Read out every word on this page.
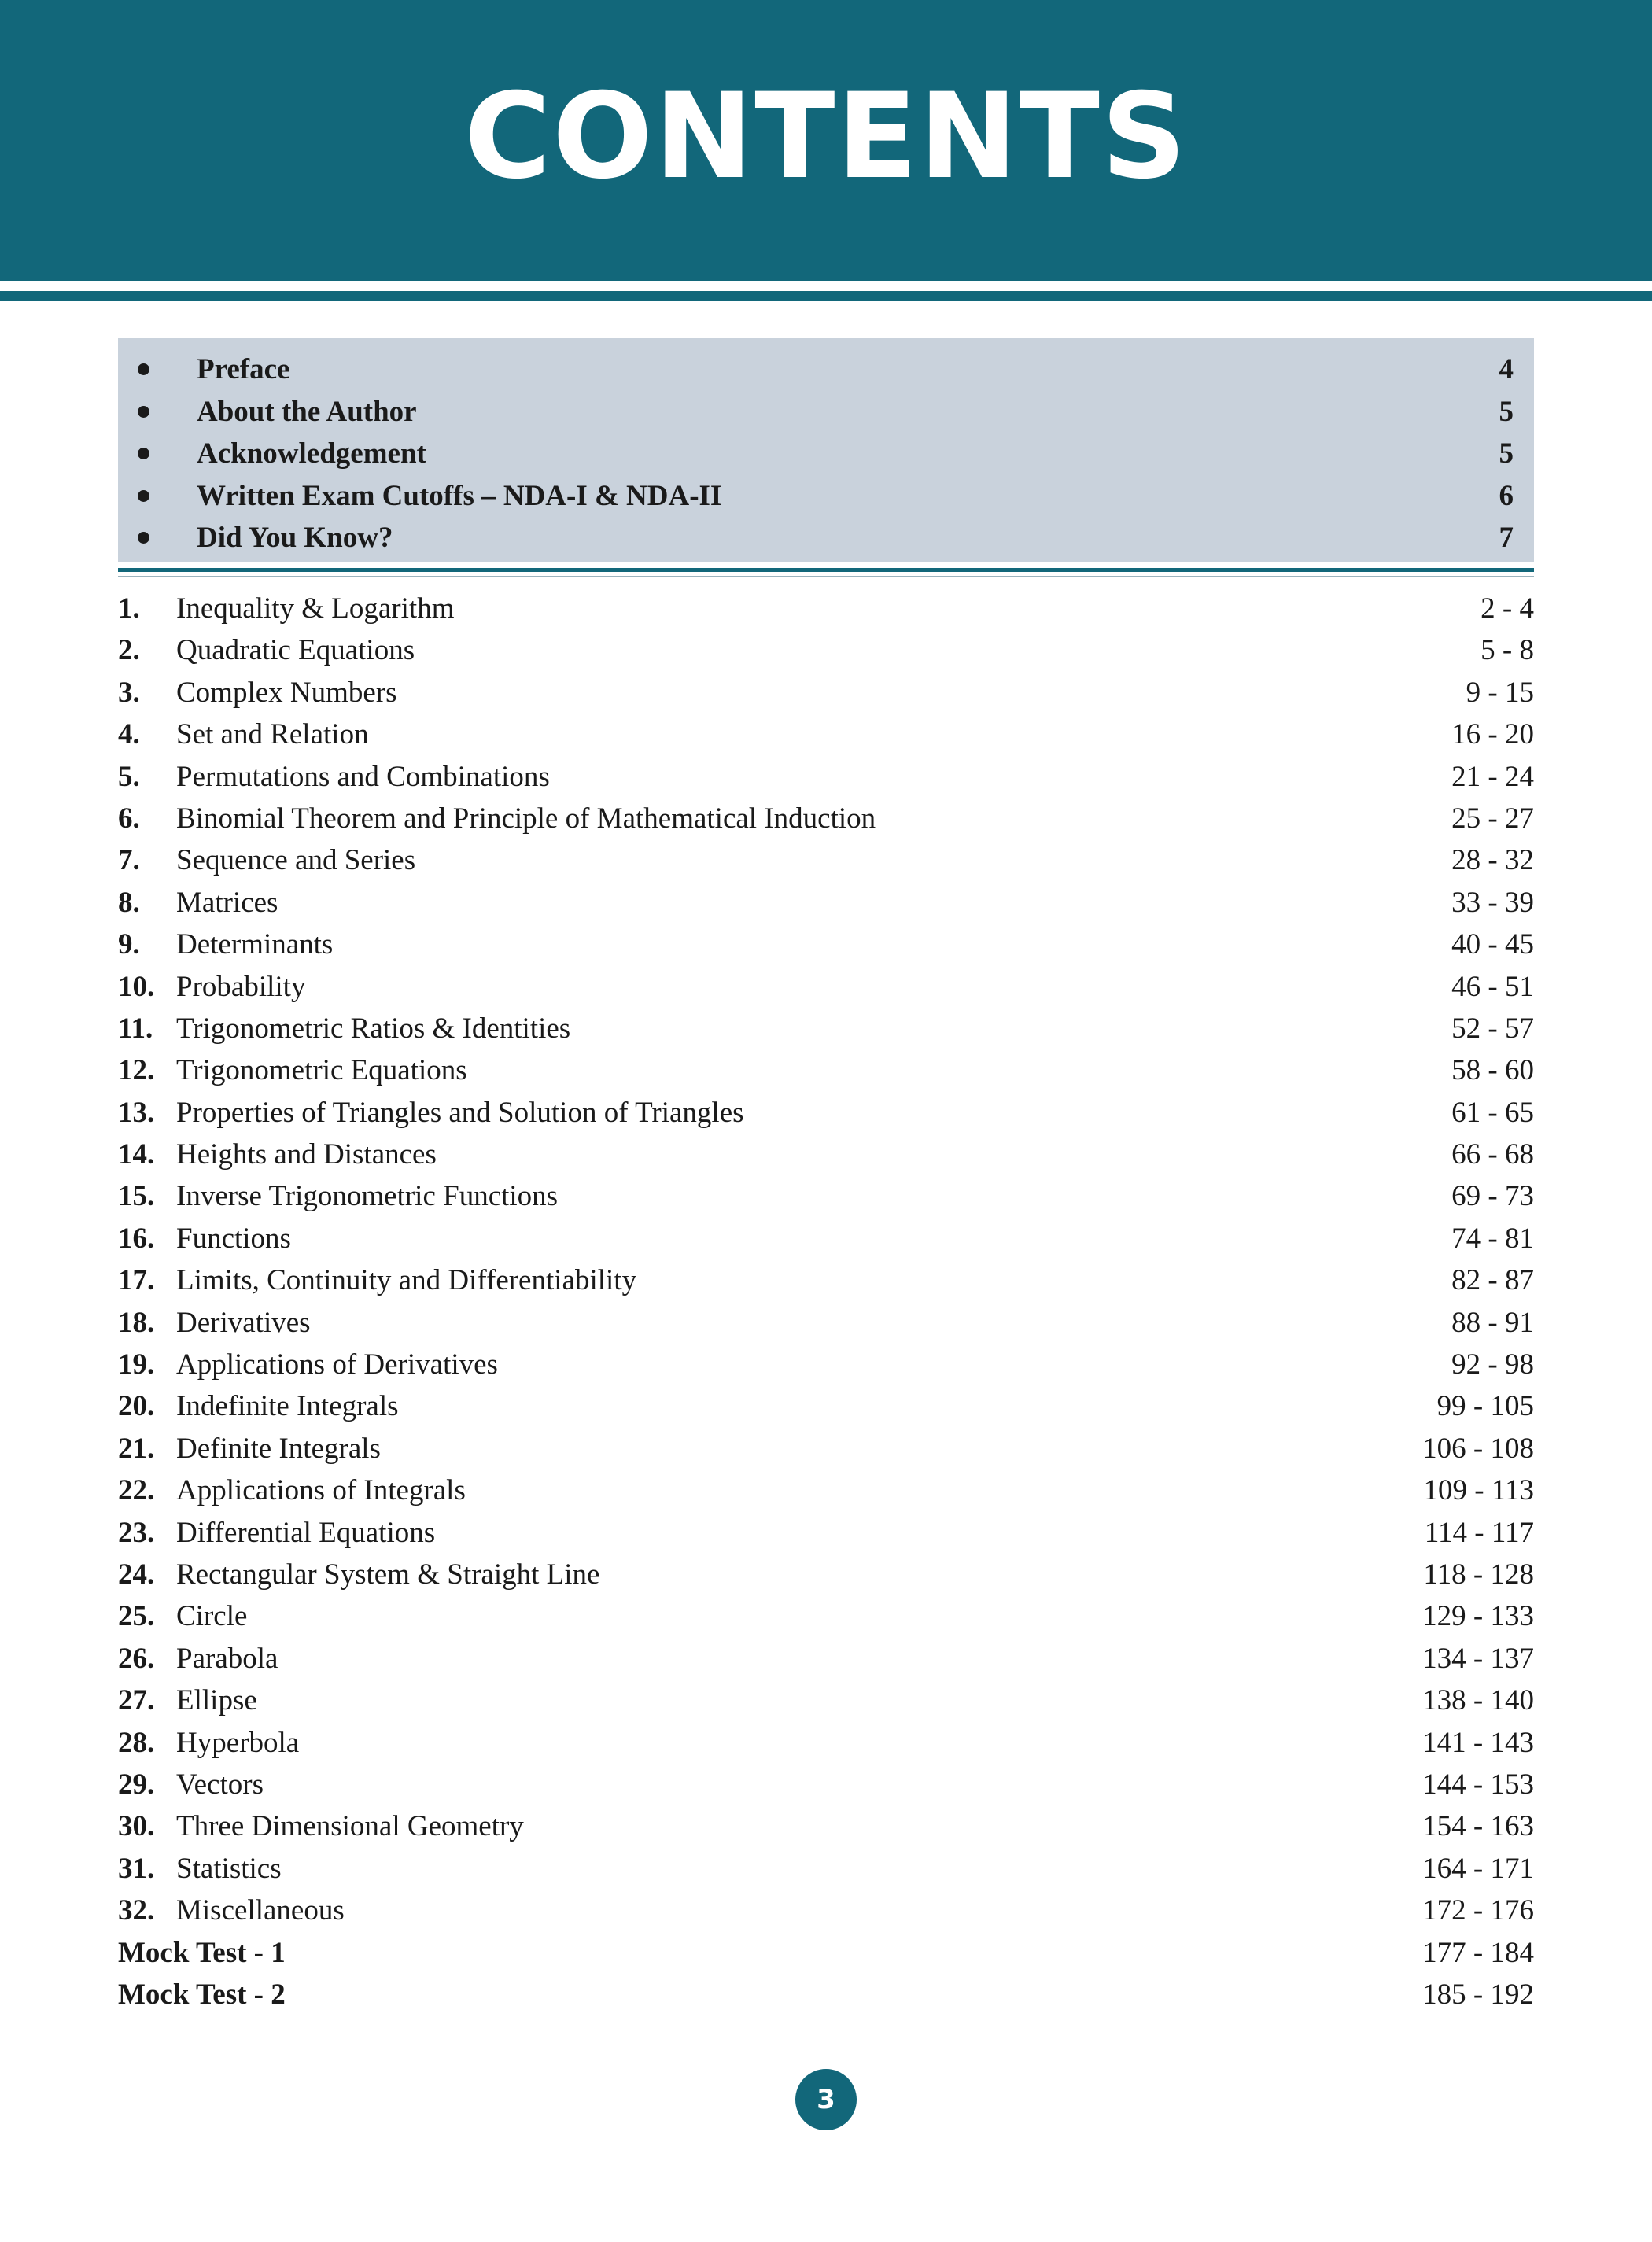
CONTENTS
Preface	4
About the Author	5
Acknowledgement	5
Written Exam Cutoffs – NDA-I & NDA-II	6
Did You Know?	7
1. Inequality & Logarithm	2 - 4
2. Quadratic Equations	5 - 8
3. Complex Numbers	9 - 15
4. Set and Relation	16 - 20
5. Permutations and Combinations	21 - 24
6. Binomial Theorem and Principle of Mathematical Induction	25 - 27
7. Sequence and Series	28 - 32
8. Matrices	33 - 39
9. Determinants	40 - 45
10. Probability	46 - 51
11. Trigonometric Ratios & Identities	52 - 57
12. Trigonometric Equations	58 - 60
13. Properties of Triangles and Solution of Triangles	61 - 65
14. Heights and Distances	66 - 68
15. Inverse Trigonometric Functions	69 - 73
16. Functions	74 - 81
17. Limits, Continuity and Differentiability	82 - 87
18. Derivatives	88 - 91
19. Applications of Derivatives	92 - 98
20. Indefinite Integrals	99 - 105
21. Definite Integrals	106 - 108
22. Applications of Integrals	109 - 113
23. Differential Equations	114 - 117
24. Rectangular System & Straight Line	118 - 128
25. Circle	129 - 133
26. Parabola	134 - 137
27. Ellipse	138 - 140
28. Hyperbola	141 - 143
29. Vectors	144 - 153
30. Three Dimensional Geometry	154 - 163
31. Statistics	164 - 171
32. Miscellaneous	172 - 176
Mock Test - 1	177 - 184
Mock Test - 2	185 - 192
3
